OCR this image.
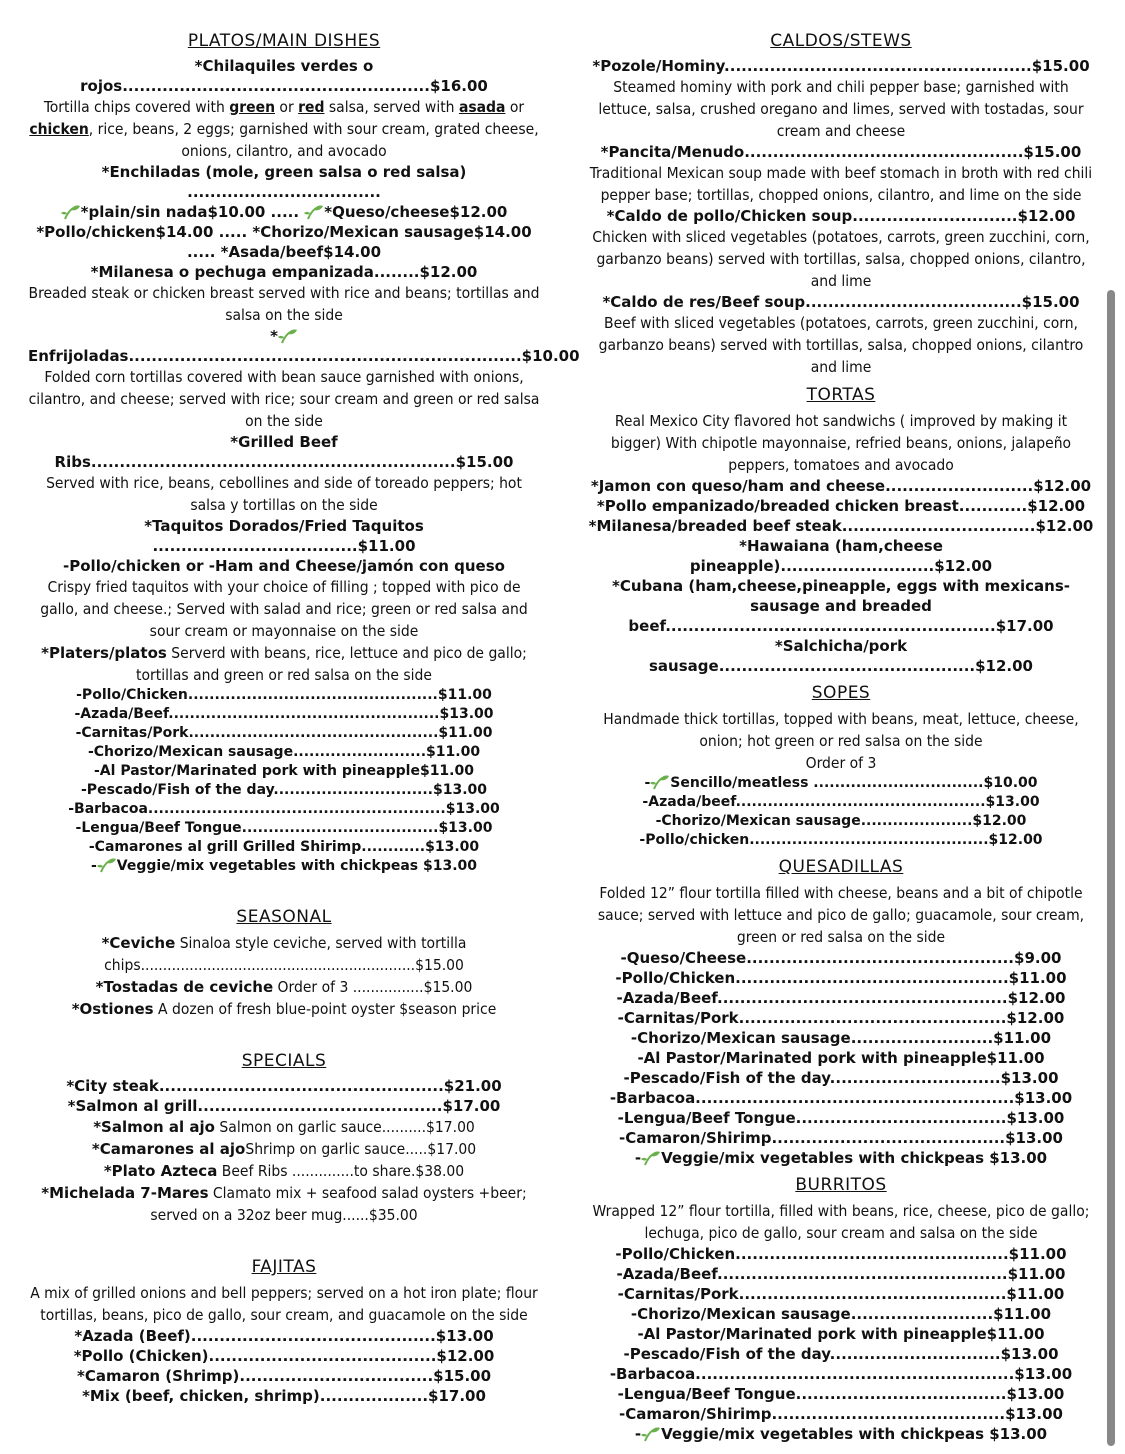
PLATOS/MAIN DISHES
*Chilaquiles verdes o rojos......................................................$16.00
Tortilla chips covered with green or red salsa, served with asada or chicken, rice, beans, 2 eggs; garnished with sour cream, grated cheese, onions, cilantro, and avocado
*Enchiladas (mole, green salsa o red salsa) ..................................
*plain/sin nada$10.00 ..... *Queso/cheese$12.00
*Pollo/chicken$14.00 ..... *Chorizo/Mexican sausage$14.00 ..... *Asada/beef$14.00
*Milanesa o pechuga empanizada........$12.00
Breaded steak or chicken breast served with rice and beans; tortillas and salsa on the side
*Enfrijoladas.....................................................................$10.00
Folded corn tortillas covered with bean sauce garnished with onions, cilantro, and cheese; served with rice; sour cream and green or red salsa on the side
*Grilled Beef Ribs................................................................$15.00
Served with rice, beans, cebollines and side of toreado peppers; hot salsa y tortillas on the side
*Taquitos Dorados/Fried Taquitos ....................................$11.00
-Pollo/chicken or -Ham and Cheese/jamón con queso
Crispy fried taquitos with your choice of filling ; topped with pico de gallo, and cheese.; Served with salad and rice; green or red salsa and sour cream or mayonnaise on the side
*Platers/platos Serverd with beans, rice, lettuce and pico de gallo; tortillas and green or red salsa on the side
-Pollo/Chicken...............................................$11.00
-Azada/Beef...................................................$13.00
-Carnitas/Pork...............................................$11.00
-Chorizo/Mexican sausage.........................$11.00
-Al Pastor/Marinated pork with pineapple$11.00
-Pescado/Fish of the day..............................$13.00
-Barbacoa........................................................$13.00
-Lengua/Beef Tongue.....................................$13.00
-Camarones al grill Grilled Shirimp............$13.00
- Veggie/mix vegetables with chickpeas $13.00
SEASONAL
*Ceviche Sinaloa style ceviche, served with tortilla chips..............................................................$15.00
*Tostadas de ceviche Order of 3 ................$15.00
*Ostiones A dozen of fresh blue-point oyster $season price
SPECIALS
*City steak..................................................$21.00
*Salmon al grill...........................................$17.00
*Salmon al ajo Salmon on garlic sauce..........$17.00
*Camarones al ajoShrimp on garlic sauce.....$17.00
*Plato Azteca Beef Ribs ..............to share.$38.00
*Michelada 7-Mares Clamato mix + seafood salad oysters +beer; served on a 32oz beer mug......$35.00
FAJITAS
A mix of grilled onions and bell peppers; served on a hot iron plate; flour tortillas, beans, pico de gallo, sour cream, and guacamole on the side
*Azada (Beef)...........................................$13.00
*Pollo (Chicken)........................................$12.00
*Camaron (Shrimp)..................................$15.00
*Mix (beef, chicken, shrimp)...................$17.00
CALDOS/STEWS
*Pozole/Hominy......................................................$15.00
Steamed hominy with pork and chili pepper base; garnished with lettuce, salsa, crushed oregano and limes, served with tostadas, sour cream and cheese
*Pancita/Menudo.................................................$15.00
Traditional Mexican soup made with beef stomach in broth with red chili pepper base; tortillas, chopped onions, cilantro, and lime on the side
*Caldo de pollo/Chicken soup.............................$12.00
Chicken with sliced vegetables (potatoes, carrots, green zucchini, corn, garbanzo beans) served with tortillas, salsa, chopped onions, cilantro, and lime
*Caldo de res/Beef soup......................................$15.00
Beef with sliced vegetables (potatoes, carrots, green zucchini, corn, garbanzo beans) served with tortillas, salsa, chopped onions, cilantro and lime
TORTAS
Real Mexico City flavored hot sandwichs ( improved by making it bigger) With chipotle mayonnaise, refried beans, onions, jalapeño peppers, tomatoes and avocado
*Jamon con queso/ham and cheese..........................$12.00
*Pollo empanizado/breaded chicken breast............$12.00
*Milanesa/breaded beef steak..................................$12.00
*Hawaiana (ham,cheese pineapple)...........................$12.00
*Cubana (ham,cheese,pineapple, eggs with mexicans-sausage and breaded beef..........................................................$17.00
*Salchicha/pork sausage.............................................$12.00
SOPES
Handmade thick tortillas, topped with beans, meat, lettuce, cheese, onion; hot green or red salsa on the side
Order of 3
- Sencillo/meatless ................................$10.00
-Azada/beef...............................................$13.00
-Chorizo/Mexican sausage.....................$12.00
-Pollo/chicken.............................................$12.00
QUESADILLAS
Folded 12” flour tortilla filled with cheese, beans and a bit of chipotle sauce; served with lettuce and pico de gallo; guacamole, sour cream, green or red salsa on the side
-Queso/Cheese...............................................$9.00
-Pollo/Chicken................................................$11.00
-Azada/Beef...................................................$12.00
-Carnitas/Pork...............................................$12.00
-Chorizo/Mexican sausage.........................$11.00
-Al Pastor/Marinated pork with pineapple$11.00
-Pescado/Fish of the day..............................$13.00
-Barbacoa........................................................$13.00
-Lengua/Beef Tongue.....................................$13.00
-Camaron/Shirimp.........................................$13.00
- Veggie/mix vegetables with chickpeas $13.00
BURRITOS
Wrapped 12” flour tortilla, filled with beans, rice, cheese, pico de gallo; lechuga, pico de gallo, sour cream and salsa on the side
-Pollo/Chicken................................................$11.00
-Azada/Beef...................................................$11.00
-Carnitas/Pork...............................................$11.00
-Chorizo/Mexican sausage.........................$11.00
-Al Pastor/Marinated pork with pineapple$11.00
-Pescado/Fish of the day..............................$13.00
-Barbacoa........................................................$13.00
-Lengua/Beef Tongue.....................................$13.00
-Camaron/Shirimp.........................................$13.00
- Veggie/mix vegetables with chickpeas $13.00
